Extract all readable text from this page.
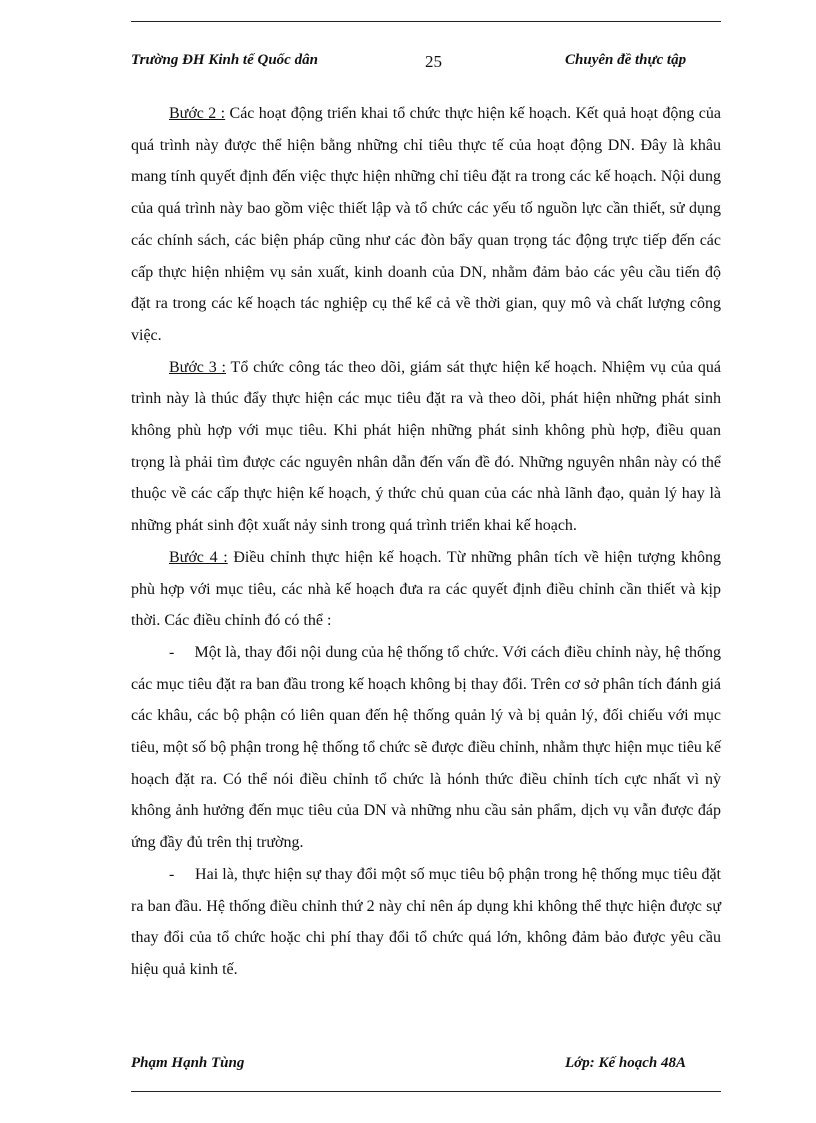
Trường ĐH Kinh tế Quốc dân	25	Chuyên đề thực tập

Bước 2 : Các hoạt động triển khai tổ chức thực hiện kế hoạch. Kết quả hoạt động của quá trình này được thể hiện bằng những chỉ tiêu thực tế của hoạt động DN. Đây là khâu mang tính quyết định đến việc thực hiện những chỉ tiêu đặt ra trong các kế hoạch. Nội dung của quá trình này bao gồm việc thiết lập và tổ chức các yếu tố nguồn lực cần thiết, sử dụng các chính sách, các biện pháp cũng như các đòn bẩy quan trọng tác động trực tiếp đến các cấp thực hiện nhiệm vụ sản xuất, kinh doanh của DN, nhằm đảm bảo các yêu cầu tiến độ đặt ra trong các kế hoạch tác nghiệp cụ thể kể cả về thời gian, quy mô và chất lượng công việc.

Bước 3 : Tổ chức công tác theo dõi, giám sát thực hiện kế hoạch. Nhiệm vụ của quá trình này là thúc đẩy thực hiện các mục tiêu đặt ra và theo dõi, phát hiện những phát sinh không phù hợp với mục tiêu. Khi phát hiện những phát sinh không phù hợp, điều quan trọng là phải tìm được các nguyên nhân dẫn đến vấn đề đó. Những nguyên nhân này có thể thuộc về các cấp thực hiện kế hoạch, ý thức chủ quan của các nhà lãnh đạo, quản lý hay là những phát sinh đột xuất nảy sinh trong quá trình triển khai kế hoạch.

Bước 4 : Điều chỉnh thực hiện kế hoạch. Từ những phân tích về hiện tượng không phù hợp với mục tiêu, các nhà kế hoạch đưa ra các quyết định điều chỉnh cần thiết và kịp thời. Các điều chỉnh đó có thể :

- Một là, thay đổi nội dung của hệ thống tổ chức. Với cách điều chỉnh này, hệ thống các mục tiêu đặt ra ban đầu trong kế hoạch không bị thay đổi. Trên cơ sở phân tích đánh giá các khâu, các bộ phận có liên quan đến hệ thống quản lý và bị quản lý, đối chiếu với mục tiêu, một số bộ phận trong hệ thống tổ chức sẽ được điều chỉnh, nhằm thực hiện mục tiêu kế hoạch đặt ra. Có thể nói điều chỉnh tổ chức là hónh thức điều chỉnh tích cực nhất vì nỳ không ảnh hưởng đến mục tiêu của DN và những nhu cầu sản phẩm, dịch vụ vẫn được đáp ứng đầy đủ trên thị trường.

- Hai là, thực hiện sự thay đổi một số mục tiêu bộ phận trong hệ thống mục tiêu đặt ra ban đầu. Hệ thống điều chỉnh thứ 2 này chỉ nên áp dụng khi không thể thực hiện được sự thay đổi của tổ chức hoặc chi phí thay đổi tổ chức quá lớn, không đảm bảo được yêu cầu hiệu quả kinh tế.

Phạm Hạnh Tùng	Lớp: Kế hoạch 48A
